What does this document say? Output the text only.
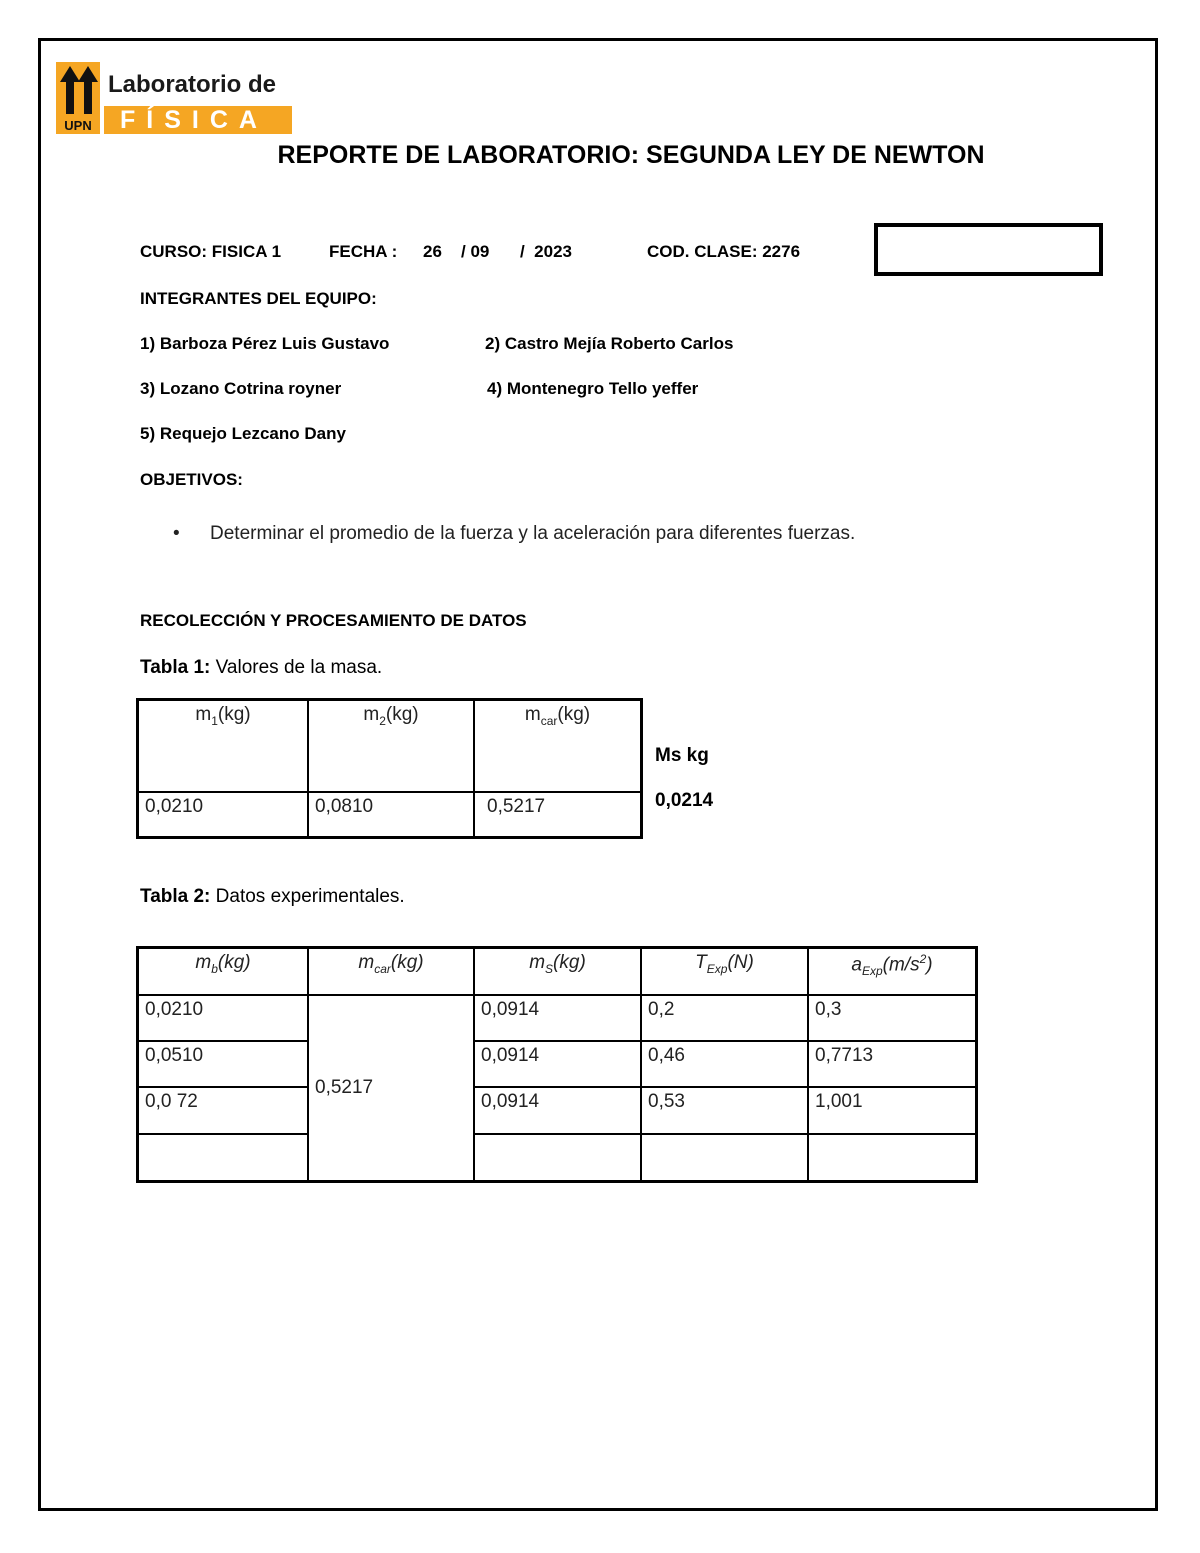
UPN
Laboratorio de
FÍSICA
REPORTE DE LABORATORIO: SEGUNDA LEY DE NEWTON
CURSO: FISICA 1	FECHA : 26 / 09 /  2023	COD. CLASE: 2276
INTEGRANTES DEL EQUIPO:
1) Barboza Pérez Luis Gustavo	2) Castro Mejía Roberto Carlos
3) Lozano Cotrina royner	4) Montenegro Tello yeffer
5) Requejo Lezcano Dany
OBJETIVOS:
• Determinar el promedio de la fuerza y la aceleración para diferentes fuerzas.
RECOLECCIÓN Y PROCESAMIENTO DE DATOS
Tabla 1: Valores de la masa.
$m_1(kg)$	$m_2(kg)$	$m_{car}(kg)$
0,0210	0,0810	0,5217
Ms kg
0,0214
Tabla 2: Datos experimentales.
$m_b(kg)$	$m_{car}(kg)$	$m_S(kg)$	$T_{Exp}(N)$	$a_{Exp}(m/s^2)$
0,0210	0,5217	0,0914	0,2	0,3
0,0510		0,0914	0,46	0,7713
0,0 72		0,0914	0,53	1,001
